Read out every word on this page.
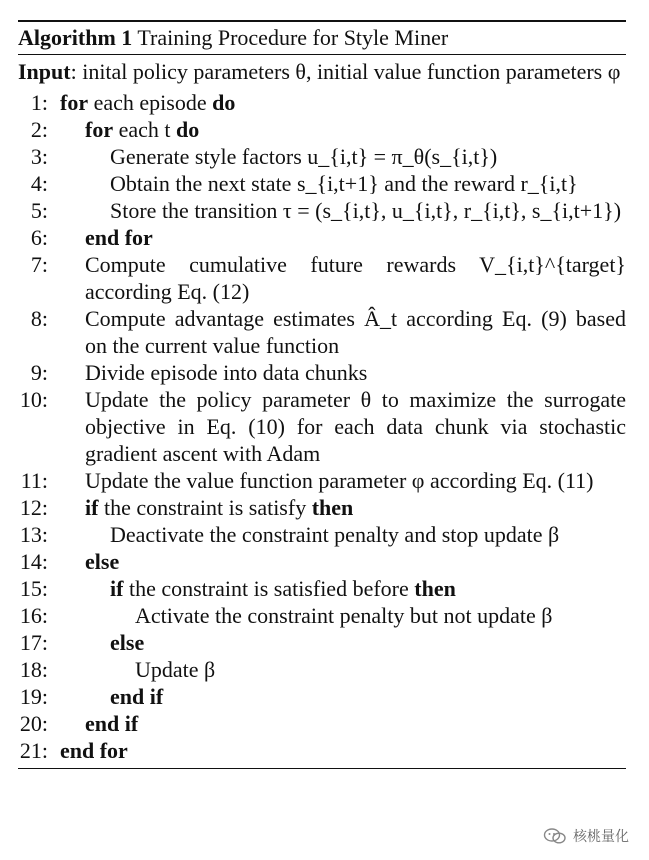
Algorithm 1 Training Procedure for Style Miner
Input: inital policy parameters θ, initial value function parameters φ
1: for each episode do
2: for each t do
3:	Generate style factors u_{i,t} = π_θ(s_{i,t})
4:	Obtain the next state s_{i,t+1} and the reward r_{i,t}
5:	Store the transition τ = (s_{i,t}, u_{i,t}, r_{i,t}, s_{i,t+1})
6: end for
7: Compute cumulative future rewards V_{i,t}^{target} according Eq. (12)
8: Compute advantage estimates Â_t according Eq. (9) based on the current value function
9: Divide episode into data chunks
10: Update the policy parameter θ to maximize the surrogate objective in Eq. (10) for each data chunk via stochastic gradient ascent with Adam
11: Update the value function parameter φ according Eq. (11)
12: if the constraint is satisfy then
13:	Deactivate the constraint penalty and stop update β
14: else
15:	if the constraint is satisfied before then
16:	Activate the constraint penalty but not update β
17:	else
18:	Update β
19:	end if
20: end if
21: end for
核桃量化
